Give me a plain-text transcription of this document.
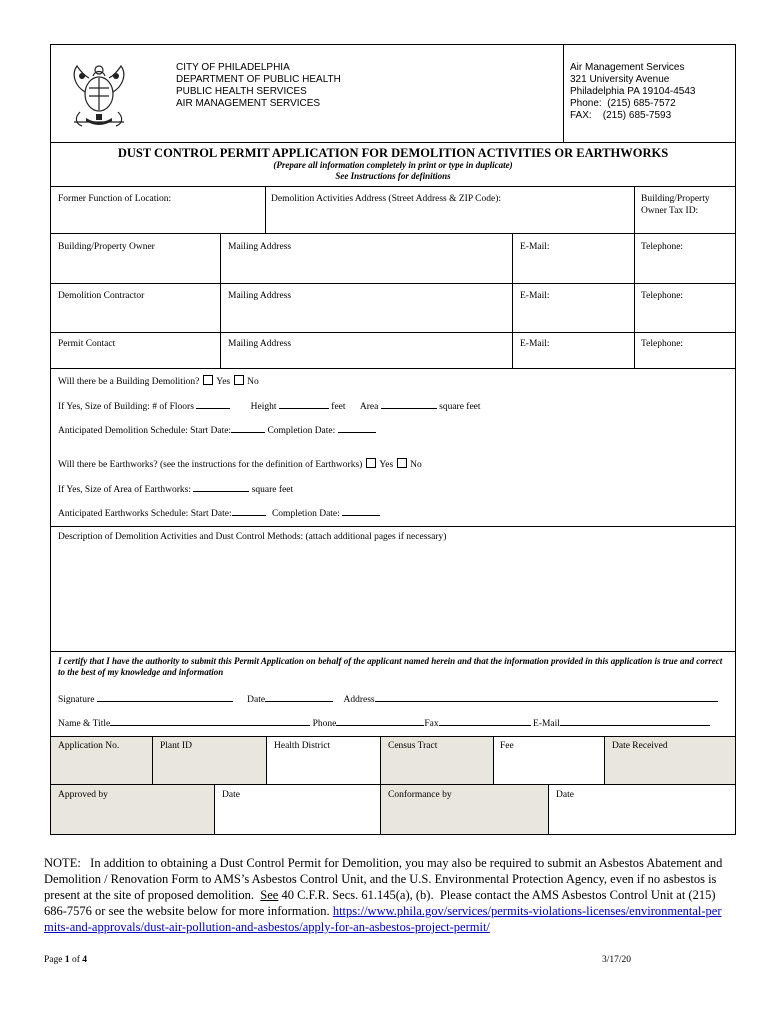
CITY OF PHILADELPHIA
DEPARTMENT OF PUBLIC HEALTH
PUBLIC HEALTH SERVICES
AIR MANAGEMENT SERVICES
Air Management Services
321 University Avenue
Philadelphia PA 19104-4543
Phone:  (215) 685-7572
FAX:    (215) 685-7593
DUST CONTROL PERMIT APPLICATION FOR DEMOLITION ACTIVITIES OR EARTHWORKS
(Prepare all information completely in print or type in duplicate)
See Instructions for definitions
Former Function of Location:	Demolition Activities Address (Street Address & ZIP Code):	Building/Property
Owner Tax ID:
Building/Property Owner	Mailing Address	E-Mail:	Telephone:
Demolition Contractor	Mailing Address	E-Mail:	Telephone:
Permit Contact	Mailing Address	E-Mail:	Telephone:
Will there be a Building Demolition? Yes No
If Yes, Size of Building: # of Floors	Height	feet Area	square feet
Anticipated Demolition Schedule: Start Date:	Completion Date:
Will there be Earthworks? (see the instructions for the definition of Earthworks) Yes No
If Yes, Size of Area of Earthworks:	square feet
Anticipated Earthworks Schedule: Start Date:	Completion Date:
Description of Demolition Activities and Dust Control Methods: (attach additional pages if necessary)
I certify that I have the authority to submit this Permit Application on behalf of the applicant named herein and that the information provided in this application is true and correct to the best of my knowledge and information
Signature	Date	Address
Name & Title	Phone	Fax	E-Mail
Application No.	Plant ID	Health District	Census Tract	Fee	Date Received
Approved by	Date	Conformance by	Date
NOTE:   In addition to obtaining a Dust Control Permit for Demolition, you may also be required to submit an Asbestos Abatement and Demolition / Renovation Form to AMS’s Asbestos Control Unit, and the U.S. Environmental Protection Agency, even if no asbestos is present at the site of proposed demolition.  See 40 C.F.R. Secs. 61.145(a), (b).  Please contact the AMS Asbestos Control Unit at (215) 686-7576 or see the website below for more information. https://www.phila.gov/services/permits-violations-licenses/environmental-permits-and-approvals/dust-air-pollution-and-asbestos/apply-for-an-asbestos-project-permit/
Page 1 of 4	3/17/20
